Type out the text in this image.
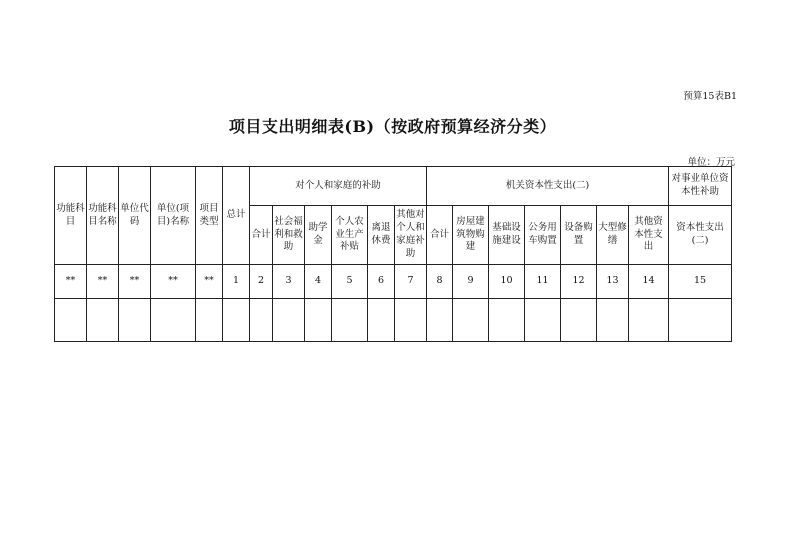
预算15表B1
项目支出明细表(B)（按政府预算经济分类）
单位：万元
功能科目	功能科目名称	单位代码	单位(项目)名称	项目类型	总计	对个人和家庭的补助						机关资本性支出(二)							对事业单位资本性补助
						合计	社会福利和救助	助学金	个人农业生产补贴	离退休费	其他对个人和家庭补助	合计	房屋建筑物购建	基础设施建设	公务用车购置	设备购置	大型修缮	其他资本性支出	资本性支出(二)
**	**	**	**	**	1	2	3	4	5	6	7	8	9	10	11	12	13	14	15
